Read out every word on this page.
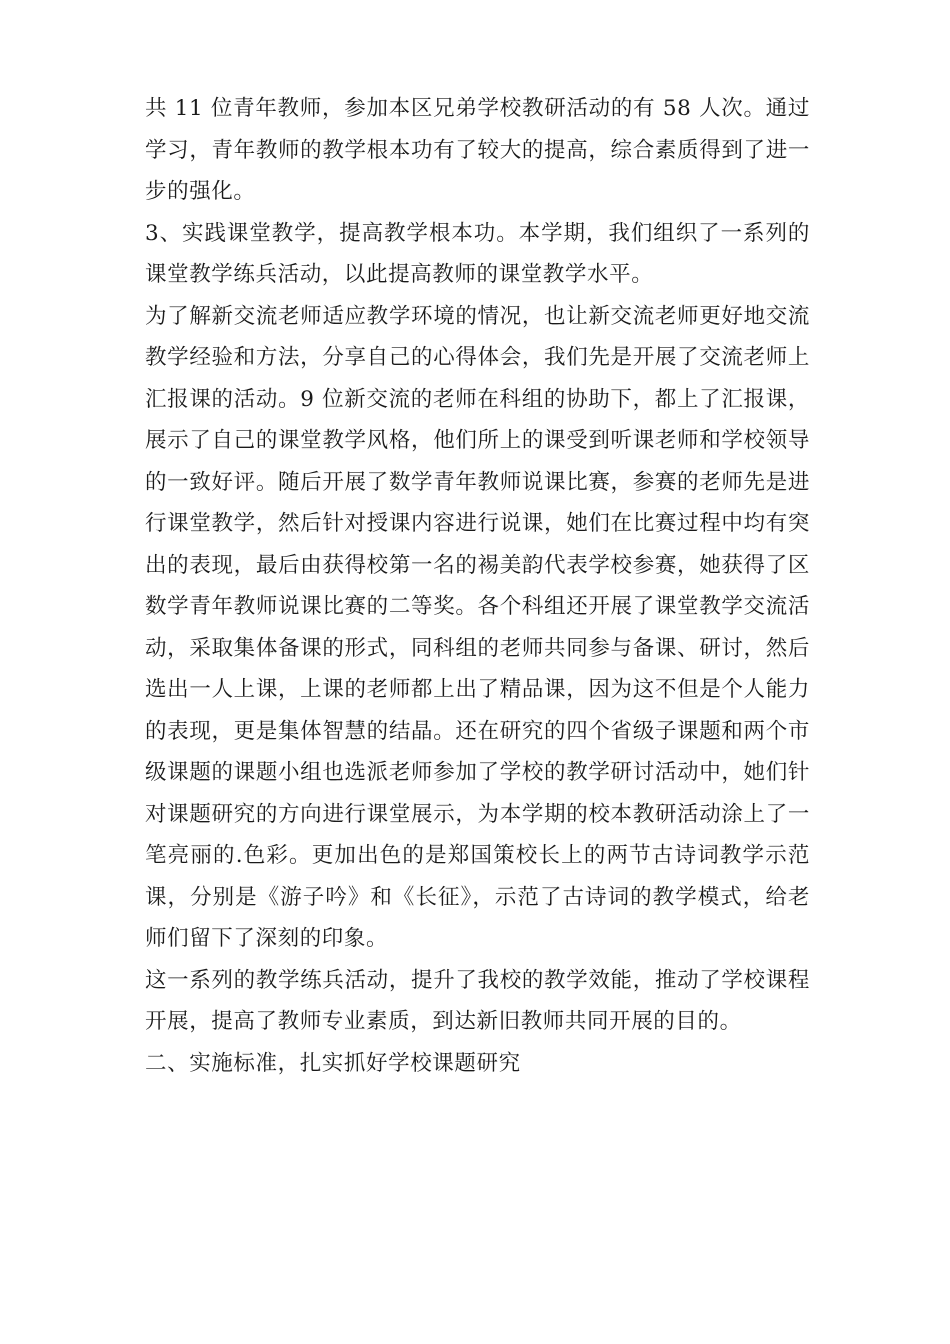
共 11 位青年教师，参加本区兄弟学校教研活动的有 58 人次。通过学习，青年教师的教学根本功有了较大的提高，综合素质得到了进一步的强化。

3、实践课堂教学，提高教学根本功。本学期，我们组织了一系列的课堂教学练兵活动，以此提高教师的课堂教学水平。

为了解新交流老师适应教学环境的情况，也让新交流老师更好地交流教学经验和方法，分享自己的心得体会，我们先是开展了交流老师上汇报课的活动。9 位新交流的老师在科组的协助下，都上了汇报课，展示了自己的课堂教学风格，他们所上的课受到听课老师和学校领导的一致好评。随后开展了数学青年教师说课比赛，参赛的老师先是进行课堂教学，然后针对授课内容进行说课，她们在比赛过程中均有突出的表现，最后由获得校第一名的裼美韵代表学校参赛，她获得了区数学青年教师说课比赛的二等奖。各个科组还开展了课堂教学交流活动，采取集体备课的形式，同科组的老师共同参与备课、研讨，然后选出一人上课，上课的老师都上出了精品课，因为这不但是个人能力的表现，更是集体智慧的结晶。还在研究的四个省级子课题和两个市级课题的课题小组也选派老师参加了学校的教学研讨活动中，她们针对课题研究的方向进行课堂展示，为本学期的校本教研活动涂上了一笔亮丽的.色彩。更加出色的是郑国策校长上的两节古诗词教学示范课，分别是《游子吟》和《长征》，示范了古诗词的教学模式，给老师们留下了深刻的印象。

这一系列的教学练兵活动，提升了我校的教学效能，推动了学校课程开展，提高了教师专业素质，到达新旧教师共同开展的目的。

二、实施标准，扎实抓好学校课题研究
